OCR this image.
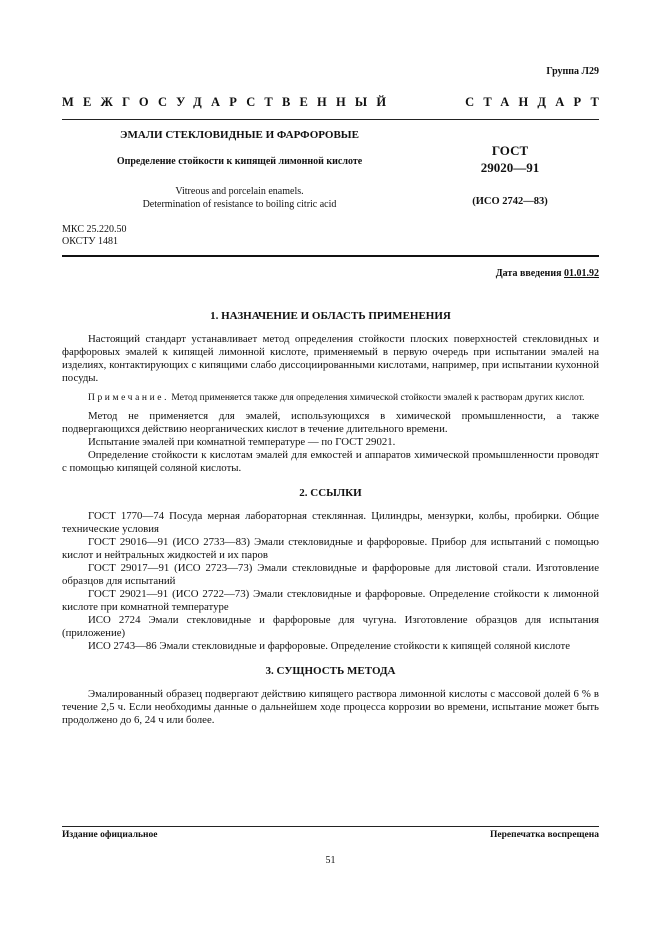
Группа Л29
МЕЖГОСУДАРСТВЕННЫЙ	СТАНДАРТ
ЭМАЛИ СТЕКЛОВИДНЫЕ И ФАРФОРОВЫЕ
Определение стойкости к кипящей лимонной кислоте
Vitreous and porcelain enamels.
Determination of resistance to boiling citric acid
ГОСТ
29020—91
(ИСО 2742—83)
МКС 25.220.50
ОКСТУ 1481
Дата введения 01.01.92
1. НАЗНАЧЕНИЕ И ОБЛАСТЬ ПРИМЕНЕНИЯ

Настоящий стандарт устанавливает метод определения стойкости плоских поверхностей стекловидных и фарфоровых эмалей к кипящей лимонной кислоте, применяемый в первую очередь при испытании эмалей на изделиях, контактирующих с кипящими слабо диссоциированными кислотами, например, при испытании кухонной посуды.

Примечание. Метод применяется также для определения химической стойкости эмалей к растворам других кислот.

Метод не применяется для эмалей, использующихся в химической промышленности, а также подвергающихся действию неорганических кислот в течение длительного времени.

Испытание эмалей при комнатной температуре — по ГОСТ 29021.

Определение стойкости к кислотам эмалей для емкостей и аппаратов химической промышленности проводят с помощью кипящей соляной кислоты.

2. ССЫЛКИ

ГОСТ 1770—74 Посуда мерная лабораторная стеклянная. Цилиндры, мензурки, колбы, пробирки. Общие технические условия

ГОСТ 29016—91 (ИСО 2733—83) Эмали стекловидные и фарфоровые. Прибор для испытаний с помощью кислот и нейтральных жидкостей и их паров

ГОСТ 29017—91 (ИСО 2723—73) Эмали стекловидные и фарфоровые для листовой стали. Изготовление образцов для испытаний

ГОСТ 29021—91 (ИСО 2722—73) Эмали стекловидные и фарфоровые. Определение стойкости к лимонной кислоте при комнатной температуре

ИСО 2724 Эмали стекловидные и фарфоровые для чугуна. Изготовление образцов для испытания (приложение)

ИСО 2743—86 Эмали стекловидные и фарфоровые. Определение стойкости к кипящей соляной кислоте

3. СУЩНОСТЬ МЕТОДА

Эмалированный образец подвергают действию кипящего раствора лимонной кислоты с массовой долей 6 % в течение 2,5 ч. Если необходимы данные о дальнейшем ходе процесса коррозии во времени, испытание может быть продолжено до 6, 24 ч или более.

Издание официальное	Перепечатка воспрещена
51
